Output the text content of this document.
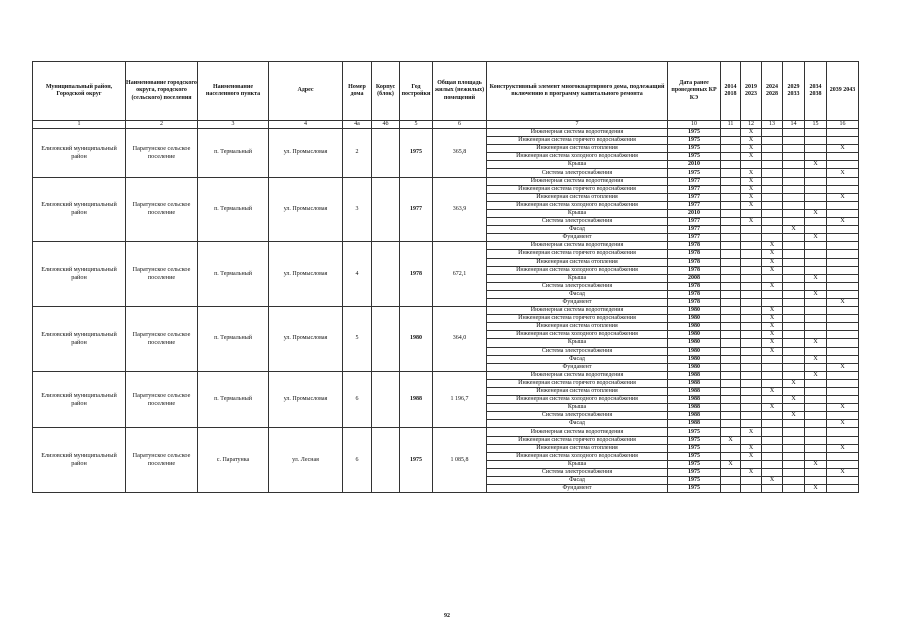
Муниципальный район, Городской округ	Наименование городского округа, городского (сельского) поселения	Наименование населенного пункта	Адрес	Номер дома	Корпус (блок)	Год постройки	Общая площадь жилых (нежилых) помещений	Конструктивный элемент многоквартирного дома, подлежащий включению в программу капитального ремонта	Дата ранее проведенных КР КЭ	2014 2018	2019 2023	2024 2028	2029 2033	2034 2038	2039 2043
1	2	3	4	4а	4б	5	6	7	10	11	12	13	14	15	16
Елизовский муниципальный район	Паратунское сельское поселение	п. Термальный	ул. Промысловая	2		1975	365,8	Инженерная система водоотведения	1975		X				
								Инженерная система горячего водоснабжения	1975		X				
								Инженерная система отопления	1975		X				X
								Инженерная система холодного водоснабжения	1975		X				
								Крыша	2010					X	
								Система электроснабжения	1975		X				X
Елизовский муниципальный район	Паратунское сельское поселение	п. Термальный	ул. Промысловая	3		1977	363,9	Инженерная система водоотведения	1977		X				
								Инженерная система горячего водоснабжения	1977		X				
								Инженерная система отопления	1977		X				X
								Инженерная система холодного водоснабжения	1977		X				
								Крыша	2010					X	
								Система электроснабжения	1977		X				X
								Фасад	1977				X		
								Фундамент	1977					X	
Елизовский муниципальный район	Паратунское сельское поселение	п. Термальный	ул. Промысловая	4		1978	672,1	Инженерная система водоотведения	1978			X			
								Инженерная система горячего водоснабжения	1978			X			
								Инженерная система отопления	1978			X			
								Инженерная система холодного водоснабжения	1978			X			
								Крыша	2008					X	
								Система электроснабжения	1978			X			
								Фасад	1978					X	
								Фундамент	1978						X
Елизовский муниципальный район	Паратунское сельское поселение	п. Термальный	ул. Промысловая	5		1980	364,0	Инженерная система водоотведения	1980			X			
								Инженерная система горячего водоснабжения	1980			X			
								Инженерная система отопления	1980			X			
								Инженерная система холодного водоснабжения	1980			X			
								Крыша	1980			X		X	
								Система электроснабжения	1980			X			
								Фасад	1980					X	
								Фундамент	1980						X
Елизовский муниципальный район	Паратунское сельское поселение	п. Термальный	ул. Промысловая	6		1988	1 196,7	Инженерная система водоотведения	1988					X	
								Инженерная система горячего водоснабжения	1988				X		
								Инженерная система отопления	1988			X			
								Инженерная система холодного водоснабжения	1988				X		
								Крыша	1988			X			X
								Система электроснабжения	1988				X		
								Фасад	1988						X
Елизовский муниципальный район	Паратунское сельское поселение	с. Паратунка	ул. Лесная	6		1975	1 085,8	Инженерная система водоотведения	1975		X				
								Инженерная система горячего водоснабжения	1975	X					
								Инженерная система отопления	1975		X				X
								Инженерная система холодного водоснабжения	1975		X				
								Крыша	1975	X				X	
								Система электроснабжения	1975		X				X
								Фасад	1975			X			
								Фундамент	1975					X	
92
